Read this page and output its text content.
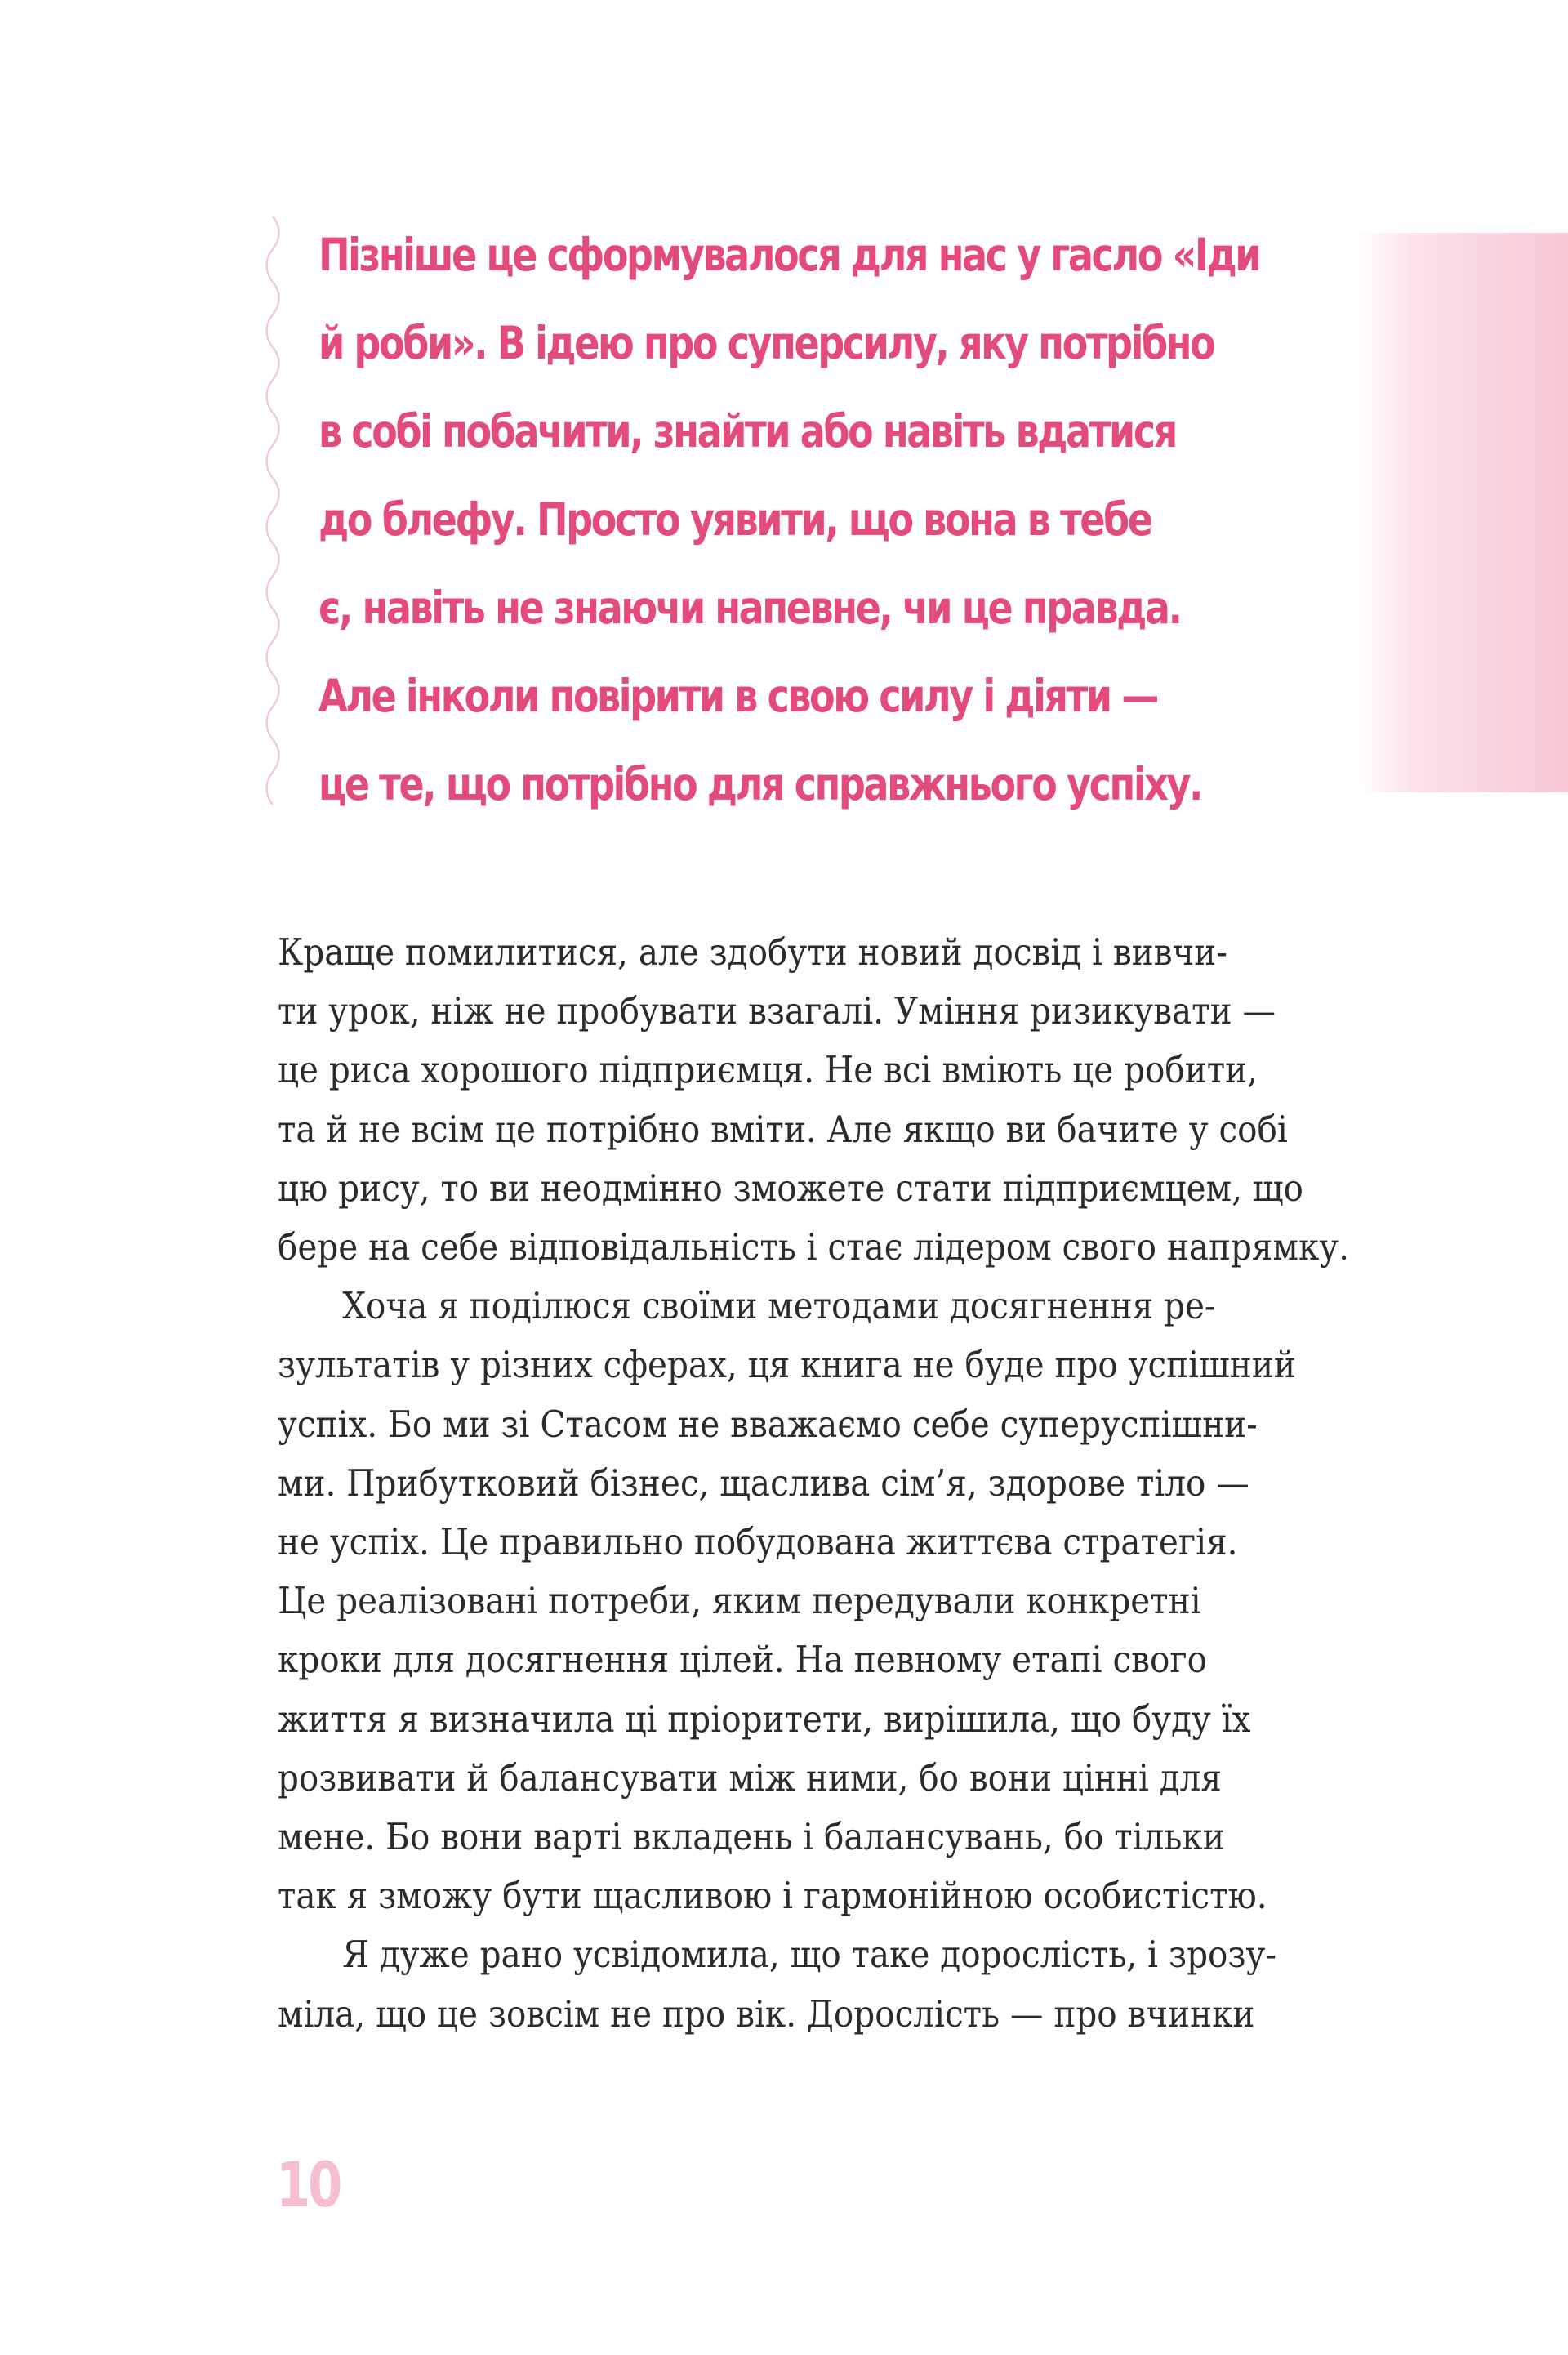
Пізніше це сформувалося для нас у гасло «Іди
й роби». В ідею про суперсилу, яку потрібно
в собі побачити, знайти або навіть вдатися
до блефу. Просто уявити, що вона в тебе
є, навіть не знаючи напевне, чи це правда.
Але інколи повірити в свою силу і діяти —
це те, що потрібно для справжнього успіху.
Краще помилитися, але здобути новий досвід і вивчи-
ти урок, ніж не пробувати взагалі. Уміння ризикувати —
це риса хорошого підприємця. Не всі вміють це робити,
та й не всім це потрібно вміти. Але якщо ви бачите у собі
цю рису, то ви неодмінно зможете стати підприємцем, що
бере на себе відповідальність і стає лідером свого напрямку.
Хоча я поділюся своїми методами досягнення ре-
зультатів у різних сферах, ця книга не буде про успішний
успіх. Бо ми зі Стасом не вважаємо себе суперуспішни-
ми. Прибутковий бізнес, щаслива сім’я, здорове тіло —
не успіх. Це правильно побудована життєва стратегія.
Це реалізовані потреби, яким передували конкретні
кроки для досягнення цілей. На певному етапі свого
життя я визначила ці пріоритети, вирішила, що буду їх
розвивати й балансувати між ними, бо вони цінні для
мене. Бо вони варті вкладень і балансувань, бо тільки
так я зможу бути щасливою і гармонійною особистістю.
Я дуже рано усвідомила, що таке дорослість, і зрозу-
міла, що це зовсім не про вік. Дорослість — про вчинки
10
